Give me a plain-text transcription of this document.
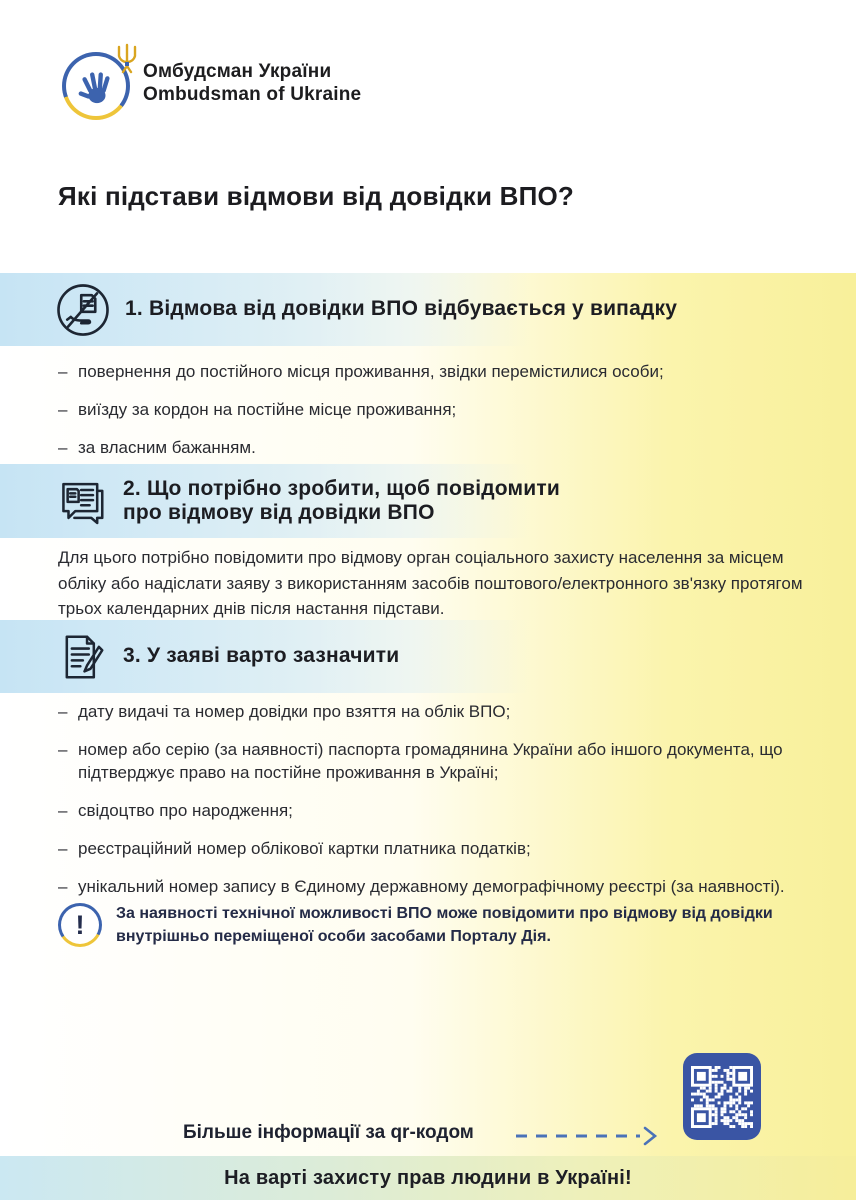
Омбудсман України
Ombudsman of Ukraine
Які підстави відмови від довідки ВПО?
1. Відмова від довідки ВПО відбувається у випадку
– повернення до постійного місця проживання, звідки перемістилися особи;
– виїзду за кордон на постійне місце проживання;
– за власним бажанням.
2. Що потрібно зробити, щоб повідомити
про відмову від довідки ВПО

Для цього потрібно повідомити про відмову орган соціального захисту населення за місцем обліку або надіслати заяву з використанням засобів поштового/електронного зв'язку протягом трьох календарних днів після настання підстави.

3. У заяві варто зазначити
– дату видачі та номер довідки про взяття на облік ВПО;
– номер або серію (за наявності) паспорта громадянина України або іншого документа, що підтверджує право на постійне проживання в Україні;
– свідоцтво про народження;
– реєстраційний номер облікової картки платника податків;
– унікальний номер запису в Єдиному державному демографічному реєстрі (за наявності).
!	За наявності технічної можливості ВПО може повідомити про відмову від довідки внутрішньо переміщеної особи засобами Порталу Дія.
Більше інформації за qr-кодом
На варті захисту прав людини в Україні!
